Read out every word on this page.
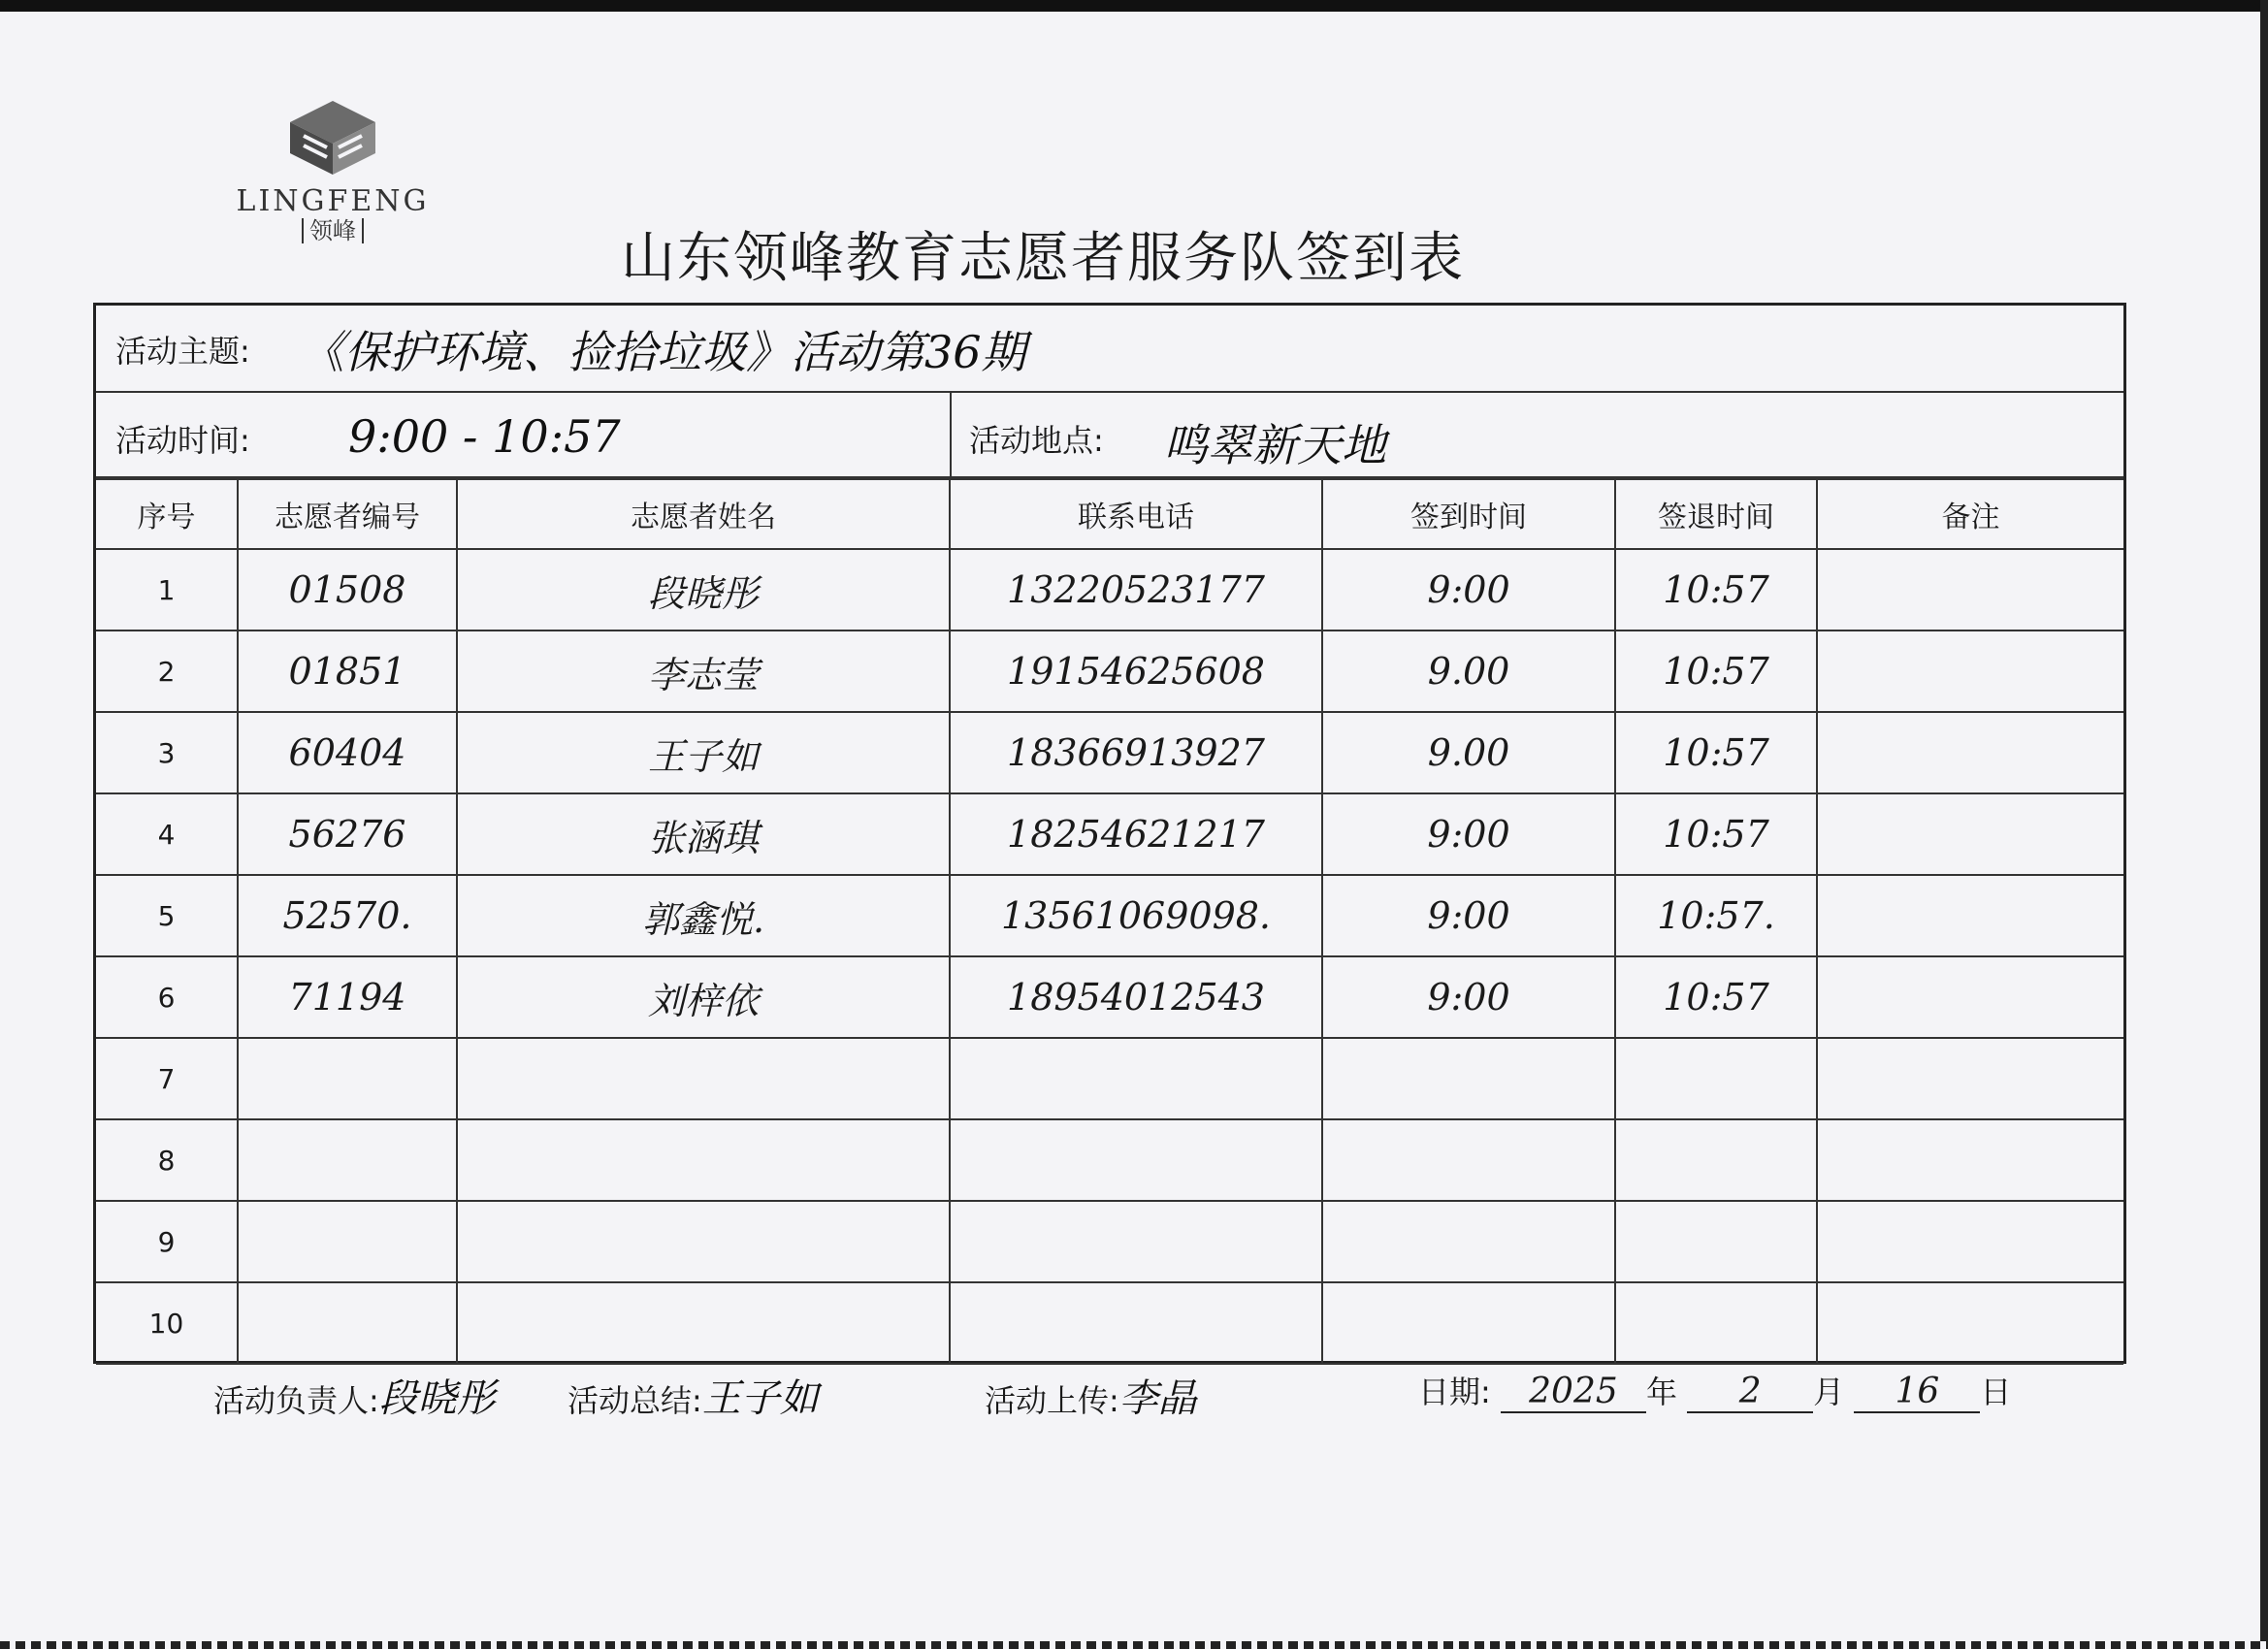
LINGFENG
领峰	山东领峰教育志愿者服务队签到表
活动主题: 《保护环境、捡拾垃圾》活动第36期
活动时间: 9:00 - 10:57	活动地点: 鸣翠新天地
序号	志愿者编号	志愿者姓名	联系电话	签到时间	签退时间	备注
1	01508	段晓彤	13220523177	9:00	10:57	
2	01851	李志莹	19154625608	9.00	10:57	
3	60404	王子如	18366913927	9.00	10:57	
4	56276	张涵琪	18254621217	9:00	10:57	
5	52570.	郭鑫悦.	13561069098.	9:00	10:57.	
6	71194	刘梓依	18954012543	9:00	10:57	
7						
8						
9						
10						
活动负责人:段晓彤 活动总结:王子如	活动上传:李晶	日期: 2025 年 2 月 16 日
